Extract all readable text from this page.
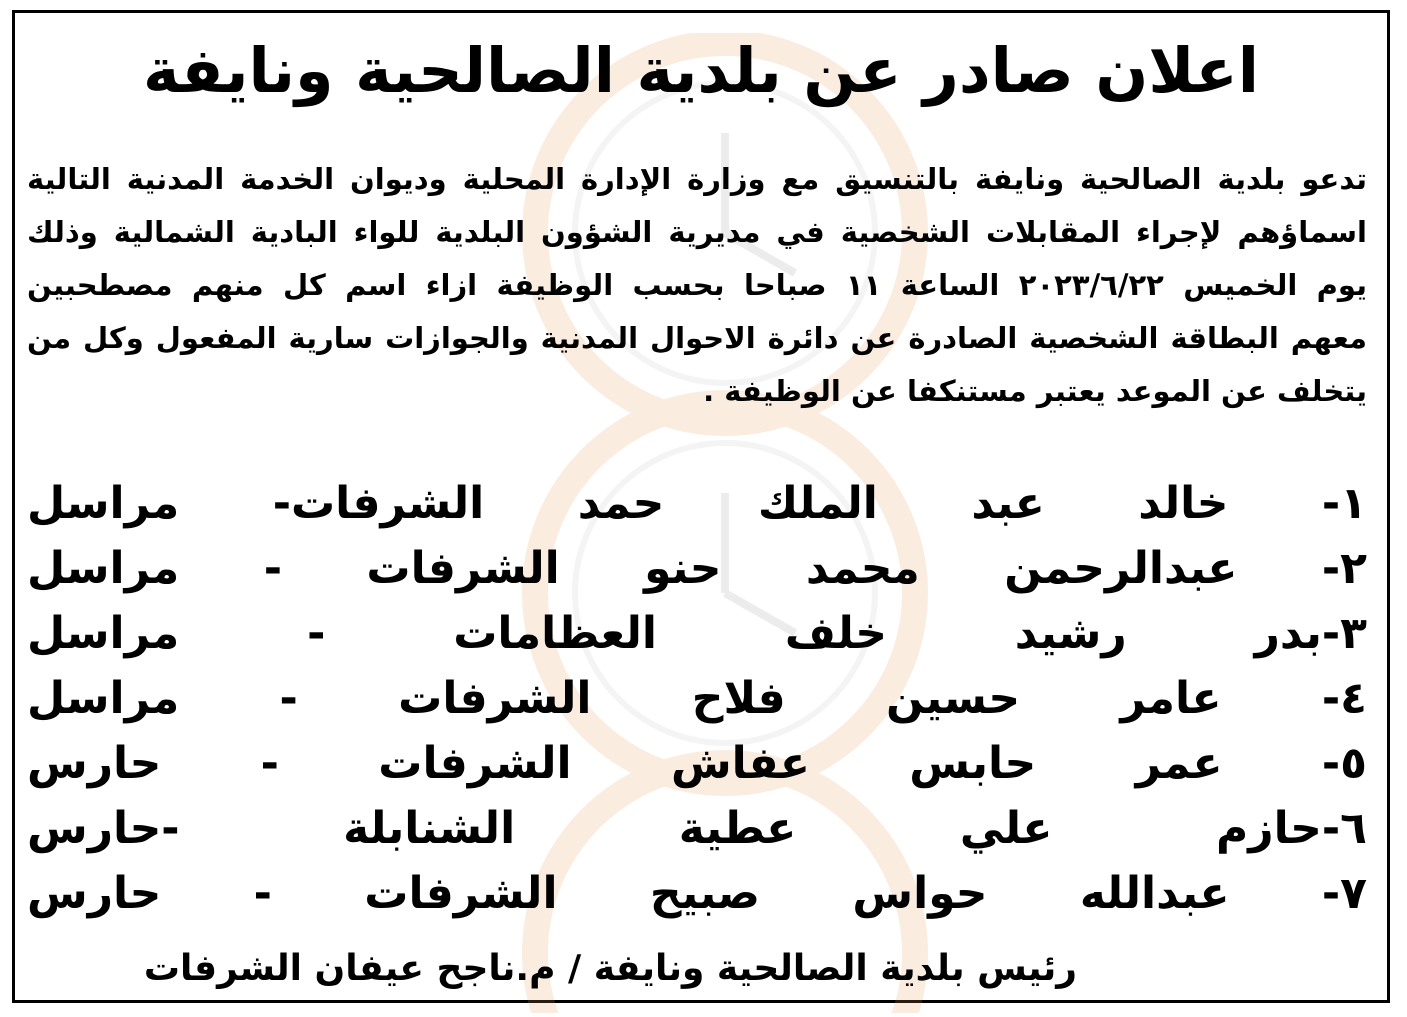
اعلان صادر عن بلدية الصالحية ونايفة
تدعو بلدية الصالحية ونايفة بالتنسيق مع وزارة الإدارة المحلية وديوان الخدمة المدنية التالية
اسماؤهم لإجراء المقابلات الشخصية في مديرية الشؤون البلدية للواء البادية الشمالية وذلك
يوم الخميس ٢٠٢٣/٦/٢٢ الساعة ١١ صباحا بحسب الوظيفة ازاء اسم كل منهم مصطحبين
معهم البطاقة الشخصية الصادرة عن دائرة الاحوال المدنية والجوازات سارية المفعول وكل من
يتخلف عن الموعد يعتبر مستنكفا عن الوظيفة .
١- خالد عبد الملك حمد الشرفات- مراسل
٢- عبدالرحمن محمد حنو الشرفات - مراسل
٣-بدر رشيد خلف العظامات - مراسل
٤- عامر حسين فلاح الشرفات - مراسل
٥- عمر حابس عفاش الشرفات - حارس
٦-حازم علي عطية الشنابلة -حارس
٧- عبدالله حواس صبيح الشرفات - حارس
رئيس بلدية الصالحية ونايفة / م.ناجح عيفان الشرفات
